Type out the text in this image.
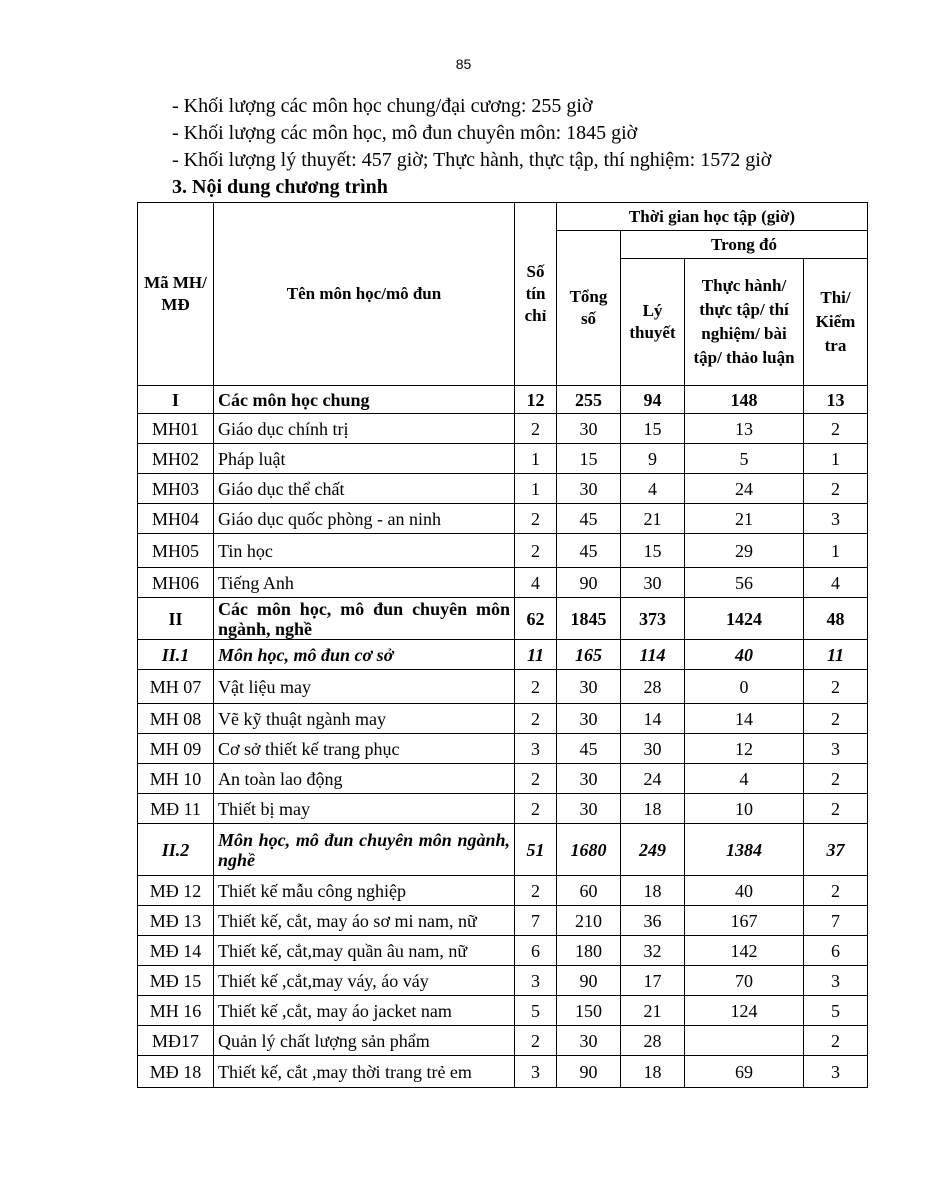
85

- Khối lượng các môn học chung/đại cương: 255 giờ

- Khối lượng các môn học, mô đun chuyên môn: 1845 giờ

- Khối lượng lý thuyết: 457 giờ; Thực hành, thực tập, thí nghiệm: 1572 giờ

3. Nội dung chương trình
Mã MH/ MĐ	Tên môn học/mô đun	Số tín chỉ	Thời gian học tập (giờ)			
			Tổng số	Trong đó		
				Lý thuyết	Thực hành/ thực tập/ thí nghiệm/ bài tập/ thảo luận	Thi/ Kiểm tra
I	Các môn học chung	12	255	94	148	13
MH01	Giáo dục chính trị	2	30	15	13	2
MH02	Pháp luật	1	15	9	5	1
MH03	Giáo dục thể chất	1	30	4	24	2
MH04	Giáo dục quốc phòng - an ninh	2	45	21	21	3
MH05	Tin học	2	45	15	29	1
MH06	Tiếng Anh	4	90	30	56	4
II	Các môn học, mô đun chuyên môn ngành, nghề	62	1845	373	1424	48
II.1	Môn học, mô đun cơ sở	11	165	114	40	11
MH 07	Vật liệu may	2	30	28	0	2
MH 08	Vẽ kỹ thuật ngành may	2	30	14	14	2
MH 09	Cơ sở thiết kế trang phục	3	45	30	12	3
MH 10	An toàn lao động	2	30	24	4	2
MĐ 11	Thiết bị may	2	30	18	10	2
II.2	Môn học, mô đun chuyên môn ngành, nghề	51	1680	249	1384	37
MĐ 12	Thiết kế mẫu công nghiệp	2	60	18	40	2
MĐ 13	Thiết kế, cắt, may áo sơ mi nam, nữ	7	210	36	167	7
MĐ 14	Thiết kế, cắt,may quần âu nam, nữ	6	180	32	142	6
MĐ 15	Thiết kế ,cắt,may váy, áo váy	3	90	17	70	3
MH 16	Thiết kế ,cắt, may áo jacket nam	5	150	21	124	5
MĐ17	Quản lý chất lượng sản phẩm	2	30	28		2
MĐ 18	Thiết kế, cắt ,may thời trang trẻ em	3	90	18	69	3
